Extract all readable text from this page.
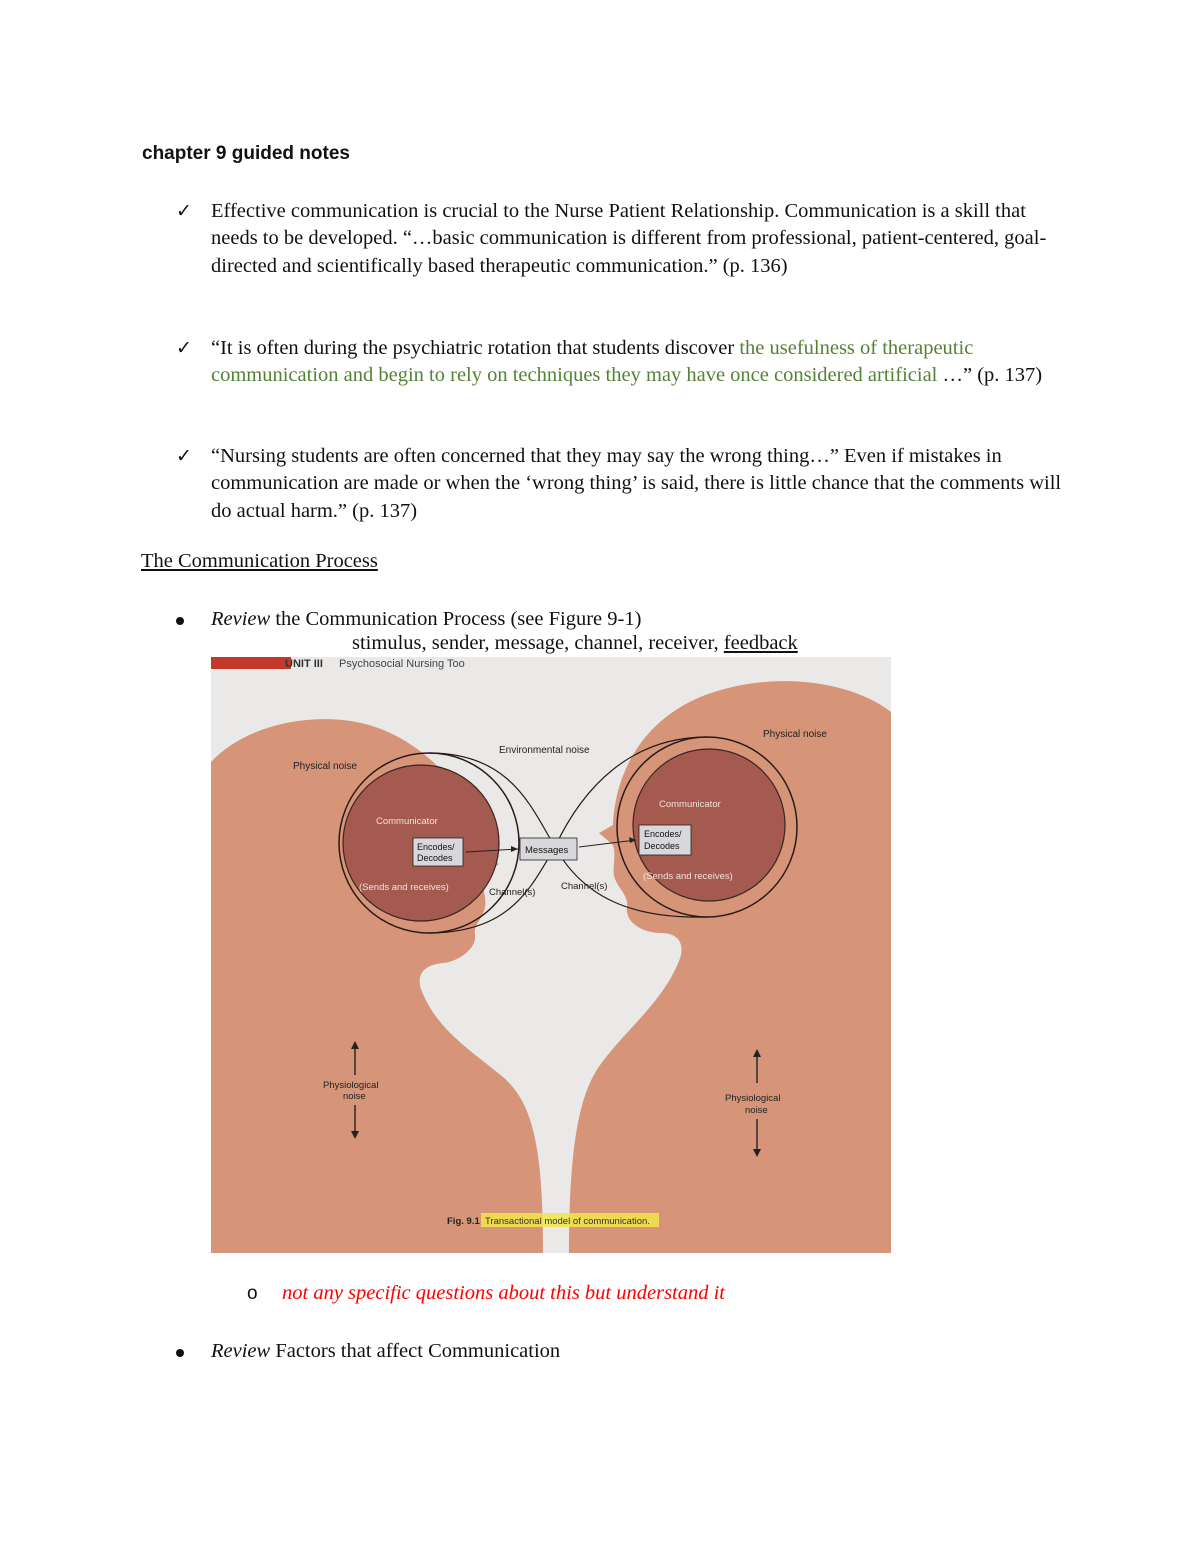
chapter 9 guided notes
✓ Effective communication is crucial to the Nurse Patient Relationship. Communication is a skill that needs to be developed. “…basic communication is different from professional, patient-centered, goal-directed and scientifically based therapeutic communication.” (p. 136)
✓ “It is often during the psychiatric rotation that students discover the usefulness of therapeutic communication and begin to rely on techniques they may have once considered artificial …” (p. 137)
✓ “Nursing students are often concerned that they may say the wrong thing…” Even if mistakes in communication are made or when the ‘wrong thing’ is said, there is little chance that the comments will do actual harm.” (p. 137)
The Communication Process
Review the Communication Process (see Figure 9-1)
stimulus, sender, message, channel, receiver, feedback
UNIT III Psychosocial Nursing Too
Environmental noise
Physical noise
Physical noise
Communicator
Communicator
Encodes/
Decodes
Encodes/
Decodes
Messages
Channel(s)
Channel(s)
(Sends and receives)
(Sends and receives)
Physiological
noise	Physiological
noise
Fig. 9.1 Transactional model of communication.
o not any specific questions about this but understand it
Review Factors that affect Communication
